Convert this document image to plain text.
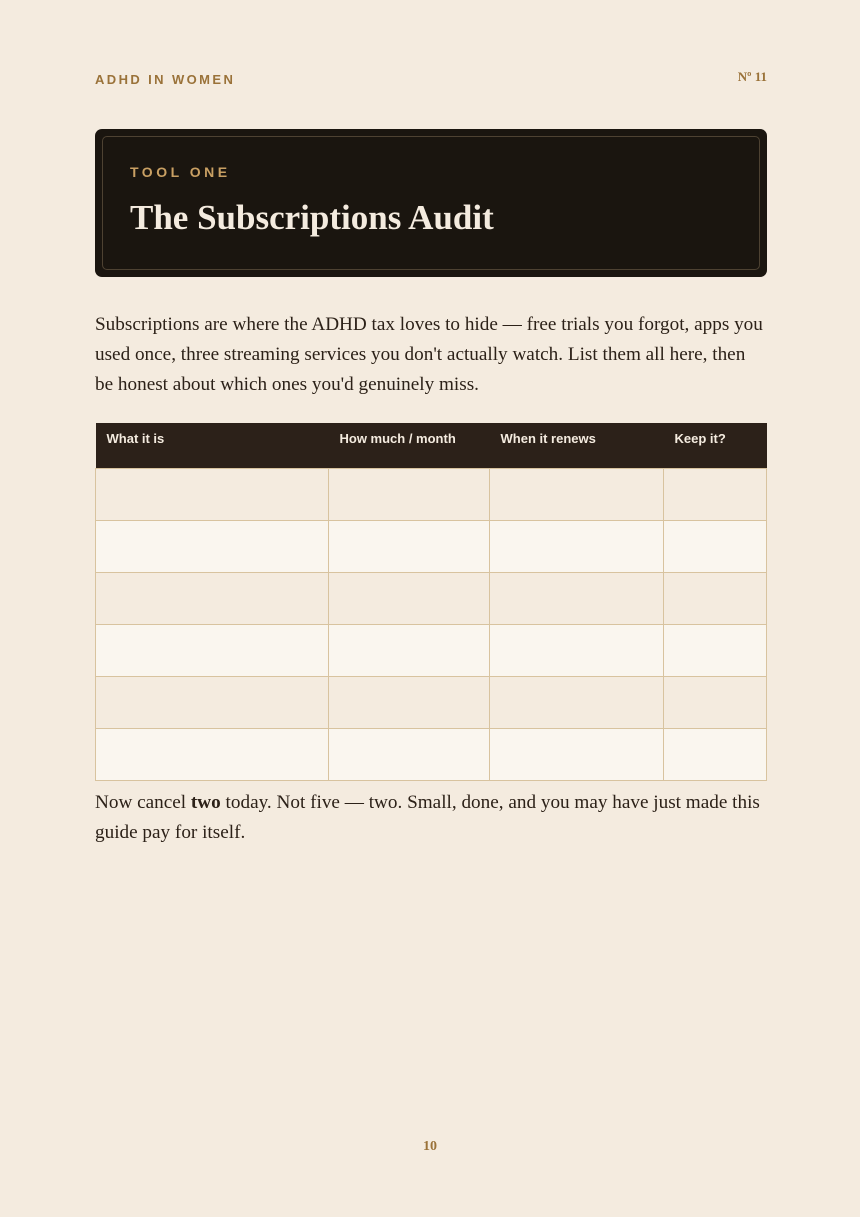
ADHD IN WOMEN	Nº 11
TOOL ONE
The Subscriptions Audit

Subscriptions are where the ADHD tax loves to hide — free trials you forgot, apps you used once, three streaming services you don't actually watch. List them all here, then be honest about which ones you'd genuinely miss.

What it is	How much / month	When it renews	Keep it?

Now cancel two today. Not five — two. Small, done, and you may have just made this guide pay for itself.

10
